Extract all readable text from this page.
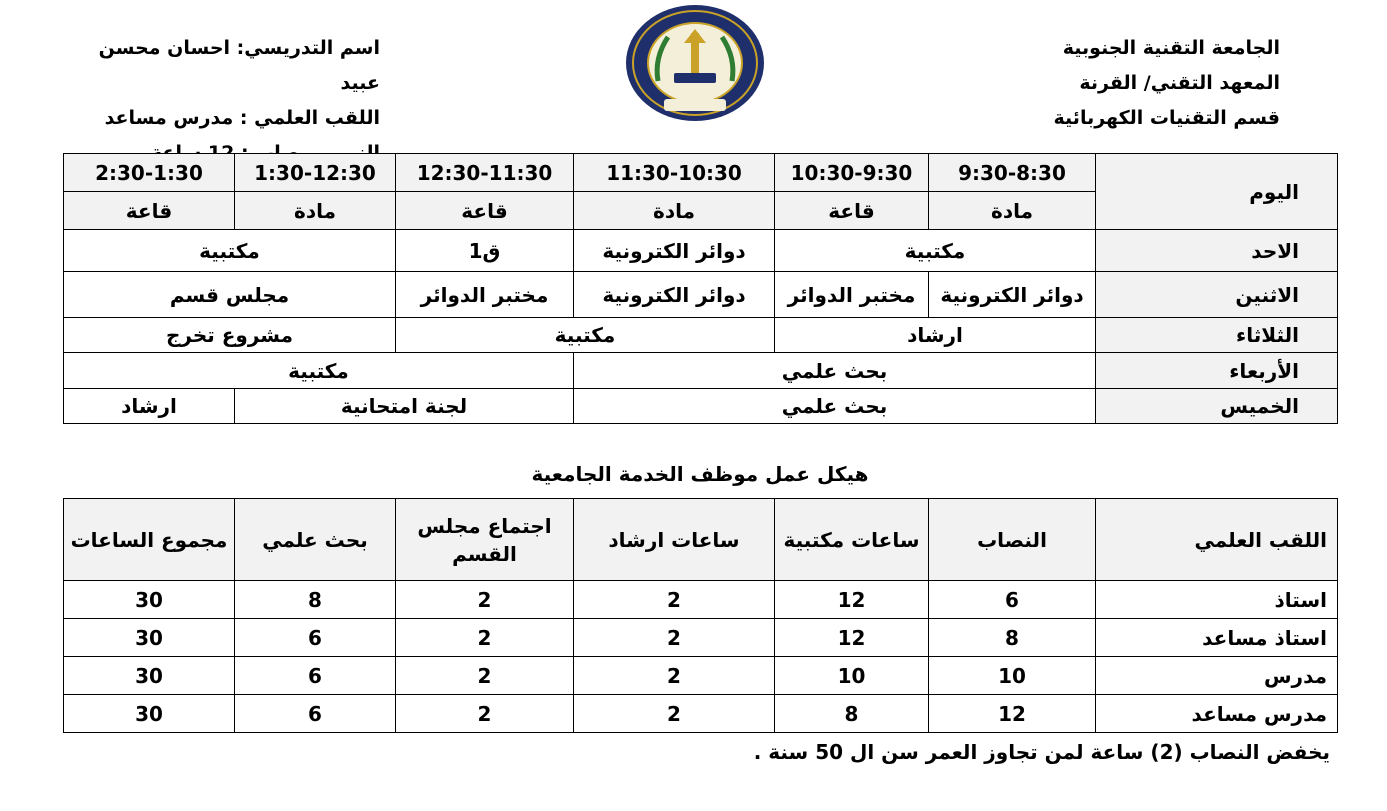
الجامعة التقنية الجنوبية
المعهد التقني/ القرنة
قسم التقنيات الكهربائية
اسم التدريسي: احسان محسن عبيد
اللقب العلمي : مدرس مساعد
اليوم	9:30-8:30	10:30-9:30	11:30-10:30	12:30-11:30	1:30-12:30	2:30-1:30
	مادة	قاعة	مادة	قاعة	مادة	قاعة
الاحد	مكتبية		دوائر الكترونية	ق1	مكتبية	
الاثنين	دوائر الكترونية	مختبر الدوائر	دوائر الكترونية	مختبر الدوائر	مجلس قسم	
الثلاثاء	ارشاد		مكتبية		مشروع تخرج	
الأربعاء	بحث علمي			مكتبية		
الخميس	بحث علمي			لجنة امتحانية		ارشاد
هيكل عمل موظف الخدمة الجامعية
اللقب العلمي	النصاب	ساعات مكتبية	ساعات ارشاد	اجتماع مجلس القسم	بحث علمي	مجموع الساعات
استاذ	6	12	2	2	8	30
استاذ مساعد	8	12	2	2	6	30
مدرس	10	10	2	2	6	30
مدرس مساعد	12	8	2	2	6	30
يخفض النصاب (2) ساعة لمن تجاوز العمر سن ال 50 سنة .
